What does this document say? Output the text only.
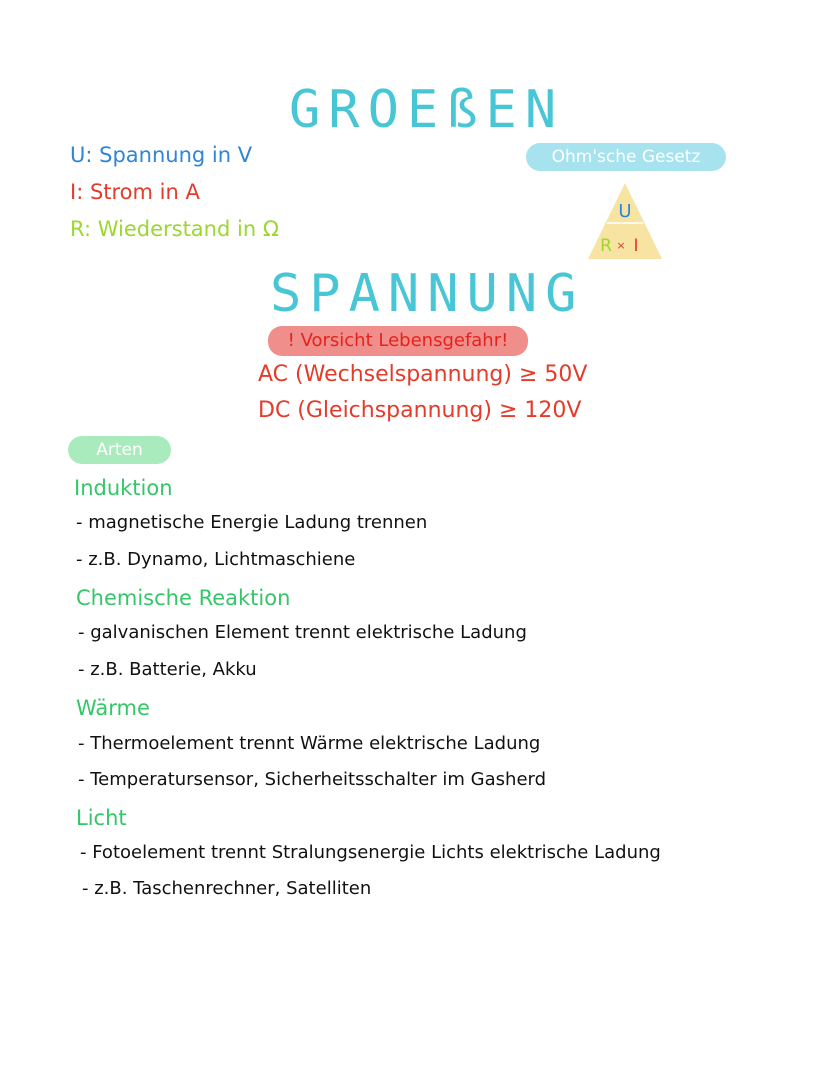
GROEßEN
U: Spannung in V
I: Strom in A
R: Wiederstand in Ω
Ohm'sche Gesetz
U
R × I
SPANNUNG
! Vorsicht Lebensgefahr!
AC (Wechselspannung) ≥ 50V
DC (Gleichspannung) ≥ 120V
Arten
Induktion
- magnetische Energie Ladung trennen
- z.B. Dynamo, Lichtmaschiene
Chemische Reaktion
- galvanischen Element trennt elektrische Ladung
- z.B. Batterie, Akku
Wärme
- Thermoelement trennt Wärme elektrische Ladung
- Temperatursensor, Sicherheitsschalter im Gasherd
Licht
- Fotoelement trennt Stralungsenergie Lichts elektrische Ladung
- z.B. Taschenrechner, Satelliten
